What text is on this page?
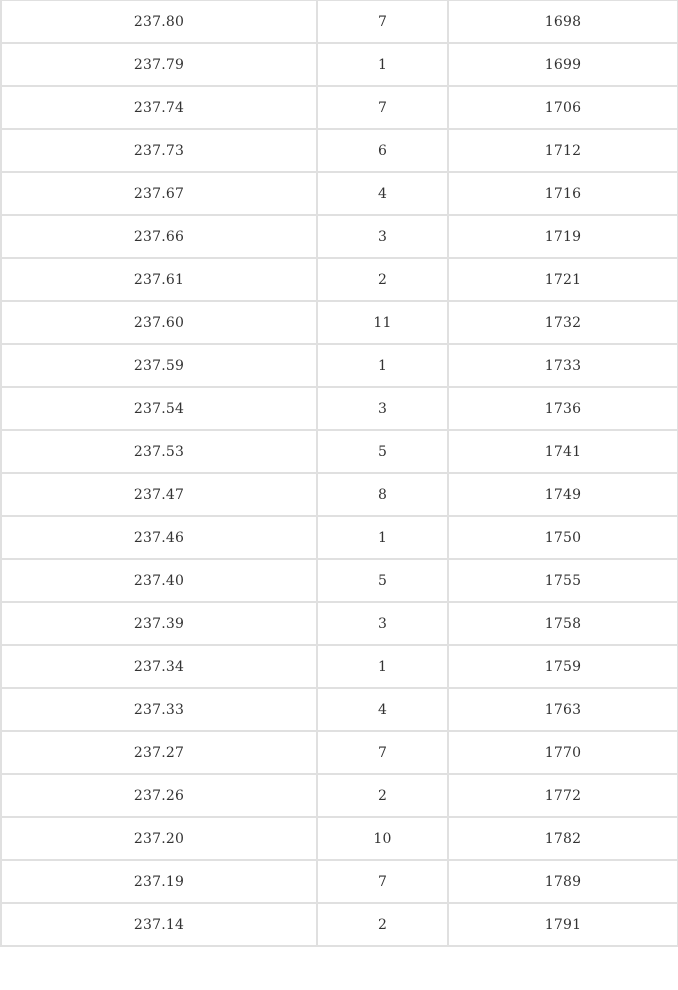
237.80	7	1698
237.79	1	1699
237.74	7	1706
237.73	6	1712
237.67	4	1716
237.66	3	1719
237.61	2	1721
237.60	11	1732
237.59	1	1733
237.54	3	1736
237.53	5	1741
237.47	8	1749
237.46	1	1750
237.40	5	1755
237.39	3	1758
237.34	1	1759
237.33	4	1763
237.27	7	1770
237.26	2	1772
237.20	10	1782
237.19	7	1789
237.14	2	1791
